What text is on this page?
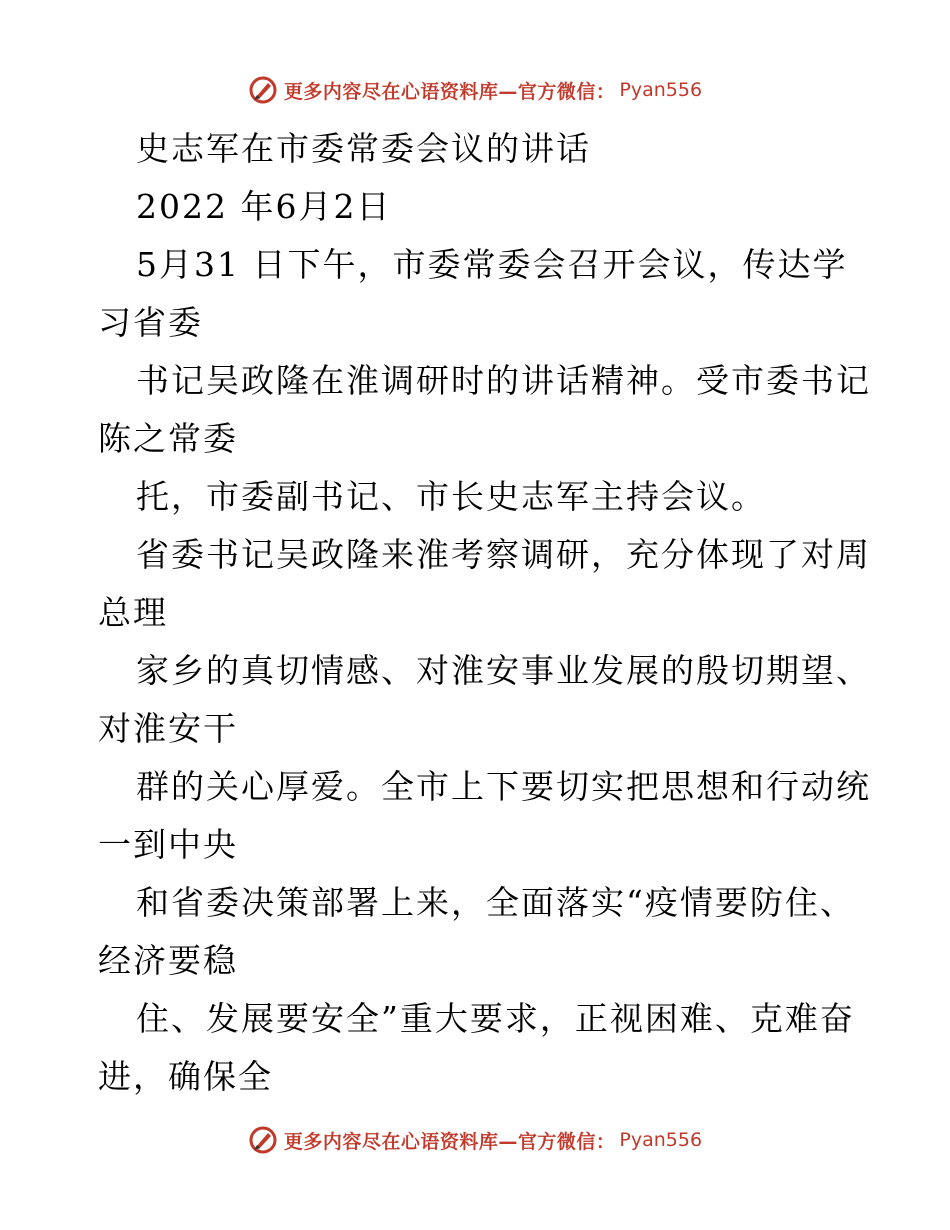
更多内容尽在心语资料库—官方微信： Pyan556
史志军在市委常委会议的讲话
2022 年6月2日
5月31 日下午，市委常委会召开会议，传达学
习省委
书记吴政隆在淮调研时的讲话精神。受市委书记
陈之常委
托，市委副书记、市长史志军主持会议。
省委书记吴政隆来淮考察调研，充分体现了对周
总理
家乡的真切情感、对淮安事业发展的殷切期望、
对淮安干
群的关心厚爱。全市上下要切实把思想和行动统
一到中央
和省委决策部署上来，全面落实“疫情要防住、
经济要稳
住、发展要安全”重大要求，正视困难、克难奋
进，确保全
更多内容尽在心语资料库—官方微信： Pyan556
